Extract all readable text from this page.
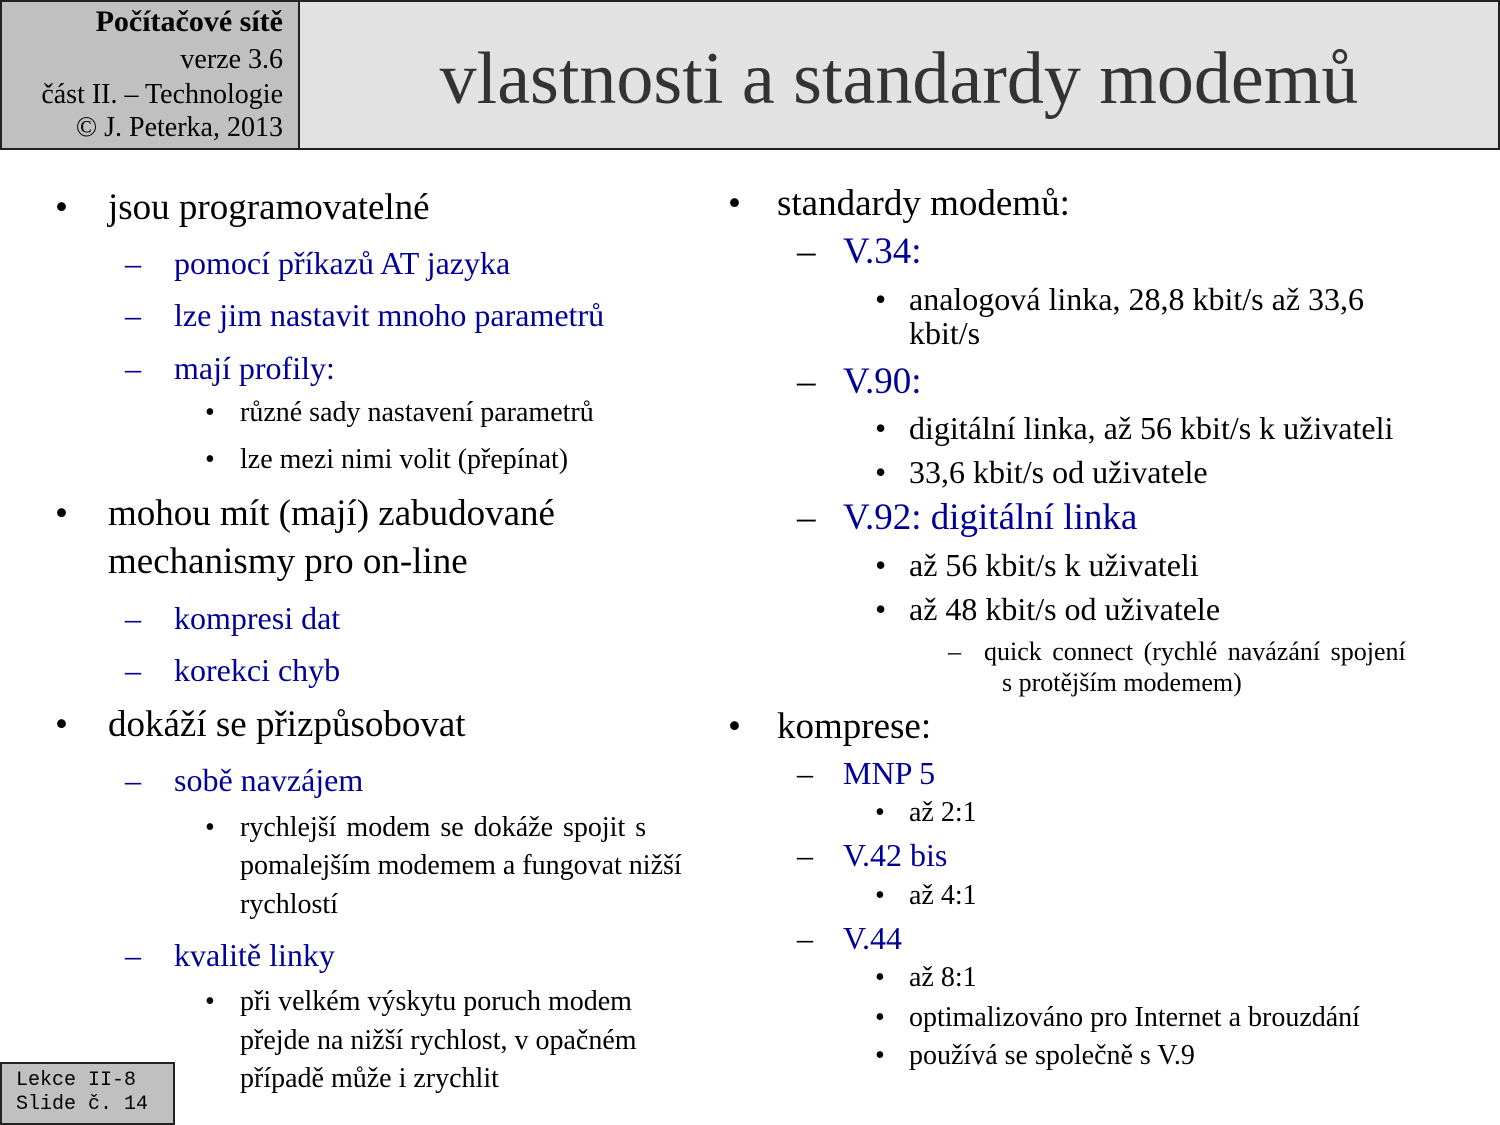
Počítačové sítě
verze 3.6
část II. – Technologie
© J. Peterka, 2013
vlastnosti a standardy modemů
• jsou programovatelné
– pomocí příkazů AT jazyka
– lze jim nastavit mnoho parametrů
– mají profily:
• různé sady nastavení parametrů
• lze mezi nimi volit (přepínat)
• mohou mít (mají) zabudované
mechanismy pro on-line
– kompresi dat
– korekci chyb
• dokáží se přizpůsobovat
– sobě navzájem
• rychlejší modem se dokáže spojit s
pomalejším modemem a fungovat nižší
rychlostí
– kvalitě linky
• při velkém výskytu poruch modem
přejde na nižší rychlost, v opačném
případě může i zrychlit
• standardy modemů:
– V.34:
• analogová linka, 28,8 kbit/s až 33,6
kbit/s
– V.90:
• digitální linka, až 56 kbit/s k uživateli
• 33,6 kbit/s od uživatele
– V.92: digitální linka
• až 56 kbit/s k uživateli
• až 48 kbit/s od uživatele
– quick connect (rychlé navázání spojení
s protějším modemem)
• komprese:
– MNP 5
• až 2:1
– V.42 bis
• až 4:1
– V.44
• až 8:1
• optimalizováno pro Internet a brouzdání
• používá se společně s V.9
Lekce II-8
Slide č. 14
